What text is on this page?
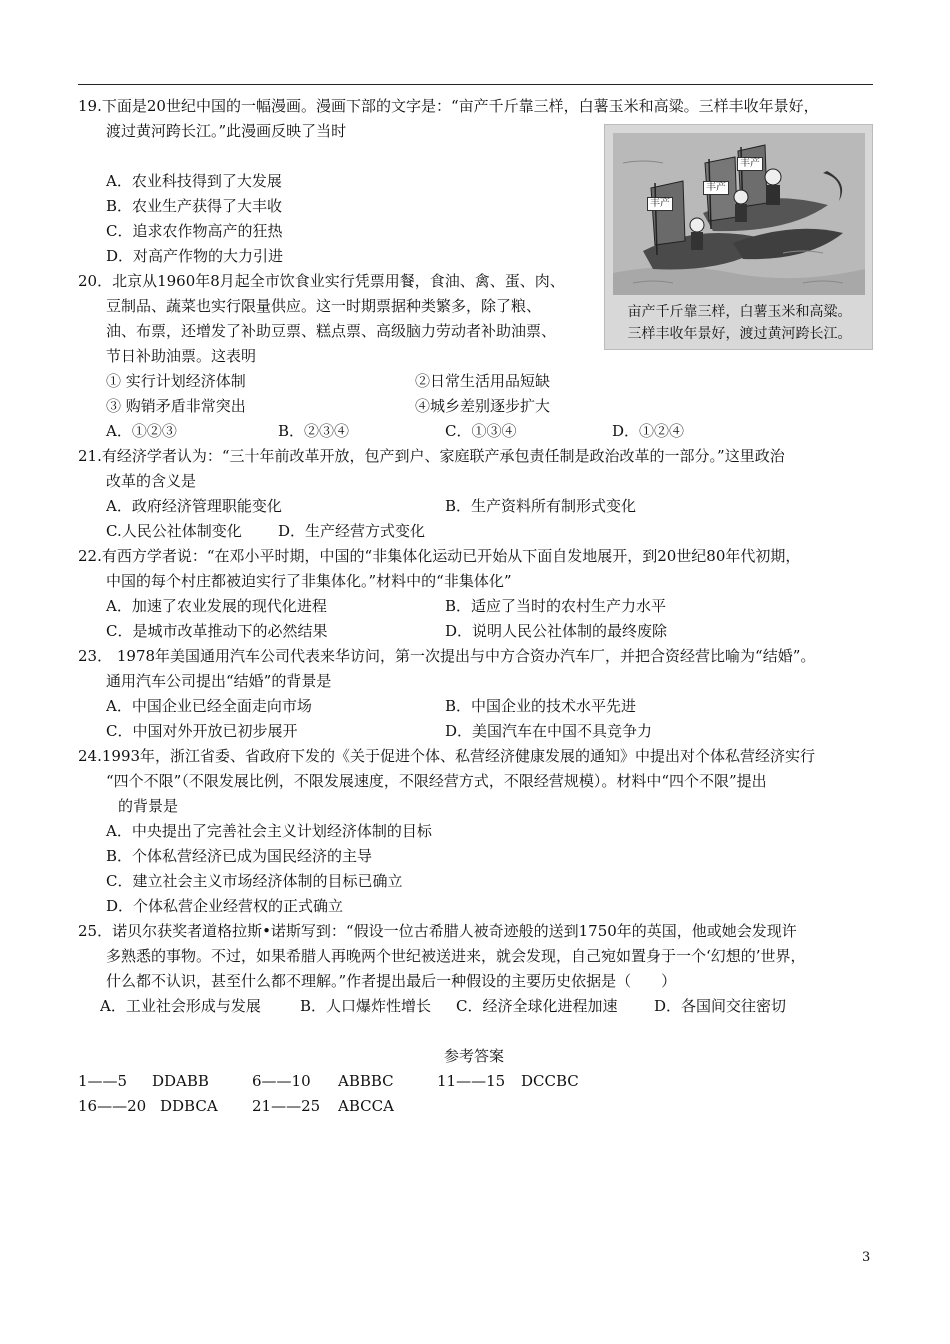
19.下面是20世纪中国的一幅漫画。漫画下部的文字是：“亩产千斤靠三样，白薯玉米和高粱。三样丰收年景好，
渡过黄河跨长江。”此漫画反映了当时
A．农业科技得到了大发展
B．农业生产获得了大丰收
C．追求农作物高产的狂热
D．对高产作物的大力引进
丰产
丰产
丰产
亩产千斤靠三样，白薯玉米和高粱。
三样丰收年景好，渡过黄河跨长江。
20．北京从1960年8月起全市饮食业实行凭票用餐，食油、禽、蛋、肉、
豆制品、蔬菜也实行限量供应。这一时期票据种类繁多，除了粮、
油、布票，还增发了补助豆票、糕点票、高级脑力劳动者补助油票、
节日补助油票。这表明
① 实行计划经济体制	②日常生活用品短缺
③ 购销矛盾非常突出	④城乡差别逐步扩大
A．①②③	B．②③④	C．①③④	D．①②④
21.有经济学者认为：“三十年前改革开放，包产到户、家庭联产承包责任制是政治改革的一部分。”这里政治
改革的含义是
A．政府经济管理职能变化	B．生产资料所有制形式变化
C.人民公社体制变化 D．生产经营方式变化
22.有西方学者说：“在邓小平时期，中国的“非集体化运动已开始从下面自发地展开，到20世纪80年代初期，
中国的每个村庄都被迫实行了非集体化。”材料中的“非集体化”
A．加速了农业发展的现代化进程	B．适应了当时的农村生产力水平
C．是城市改革推动下的必然结果	D．说明人民公社体制的最终废除
23． 1978年美国通用汽车公司代表来华访问，第一次提出与中方合资办汽车厂，并把合资经营比喻为“结婚”。
通用汽车公司提出“结婚”的背景是
A．中国企业已经全面走向市场	B．中国企业的技术水平先进
C．中国对外开放已初步展开	D．美国汽车在中国不具竞争力
24.1993年，浙江省委、省政府下发的《关于促进个体、私营经济健康发展的通知》中提出对个体私营经济实行
“四个不限”（不限发展比例，不限发展速度，不限经营方式，不限经营规模）。材料中“四个不限”提出
的背景是
A．中央提出了完善社会主义计划经济体制的目标
B．个体私营经济已成为国民经济的主导
C．建立社会主义市场经济体制的目标已确立
D．个体私营企业经营权的正式确立
25．诺贝尔获奖者道格拉斯•诺斯写到：“假设一位古希腊人被奇迹般的送到1750年的英国，他或她会发现许
多熟悉的事物。不过，如果希腊人再晚两个世纪被送进来，就会发现，自己宛如置身于一个‘幻想的’世界，
什么都不认识，甚至什么都不理解。”作者提出最后一种假设的主要历史依据是（　　）
A．工业社会形成与发展	B．人口爆炸性增长 C．经济全球化进程加速 D．各国间交往密切
参考答案
1——5 DDABB	6——10 ABBBC	11——15 DCCBC
16——20 DDBCA 21——25 ABCCA
3
